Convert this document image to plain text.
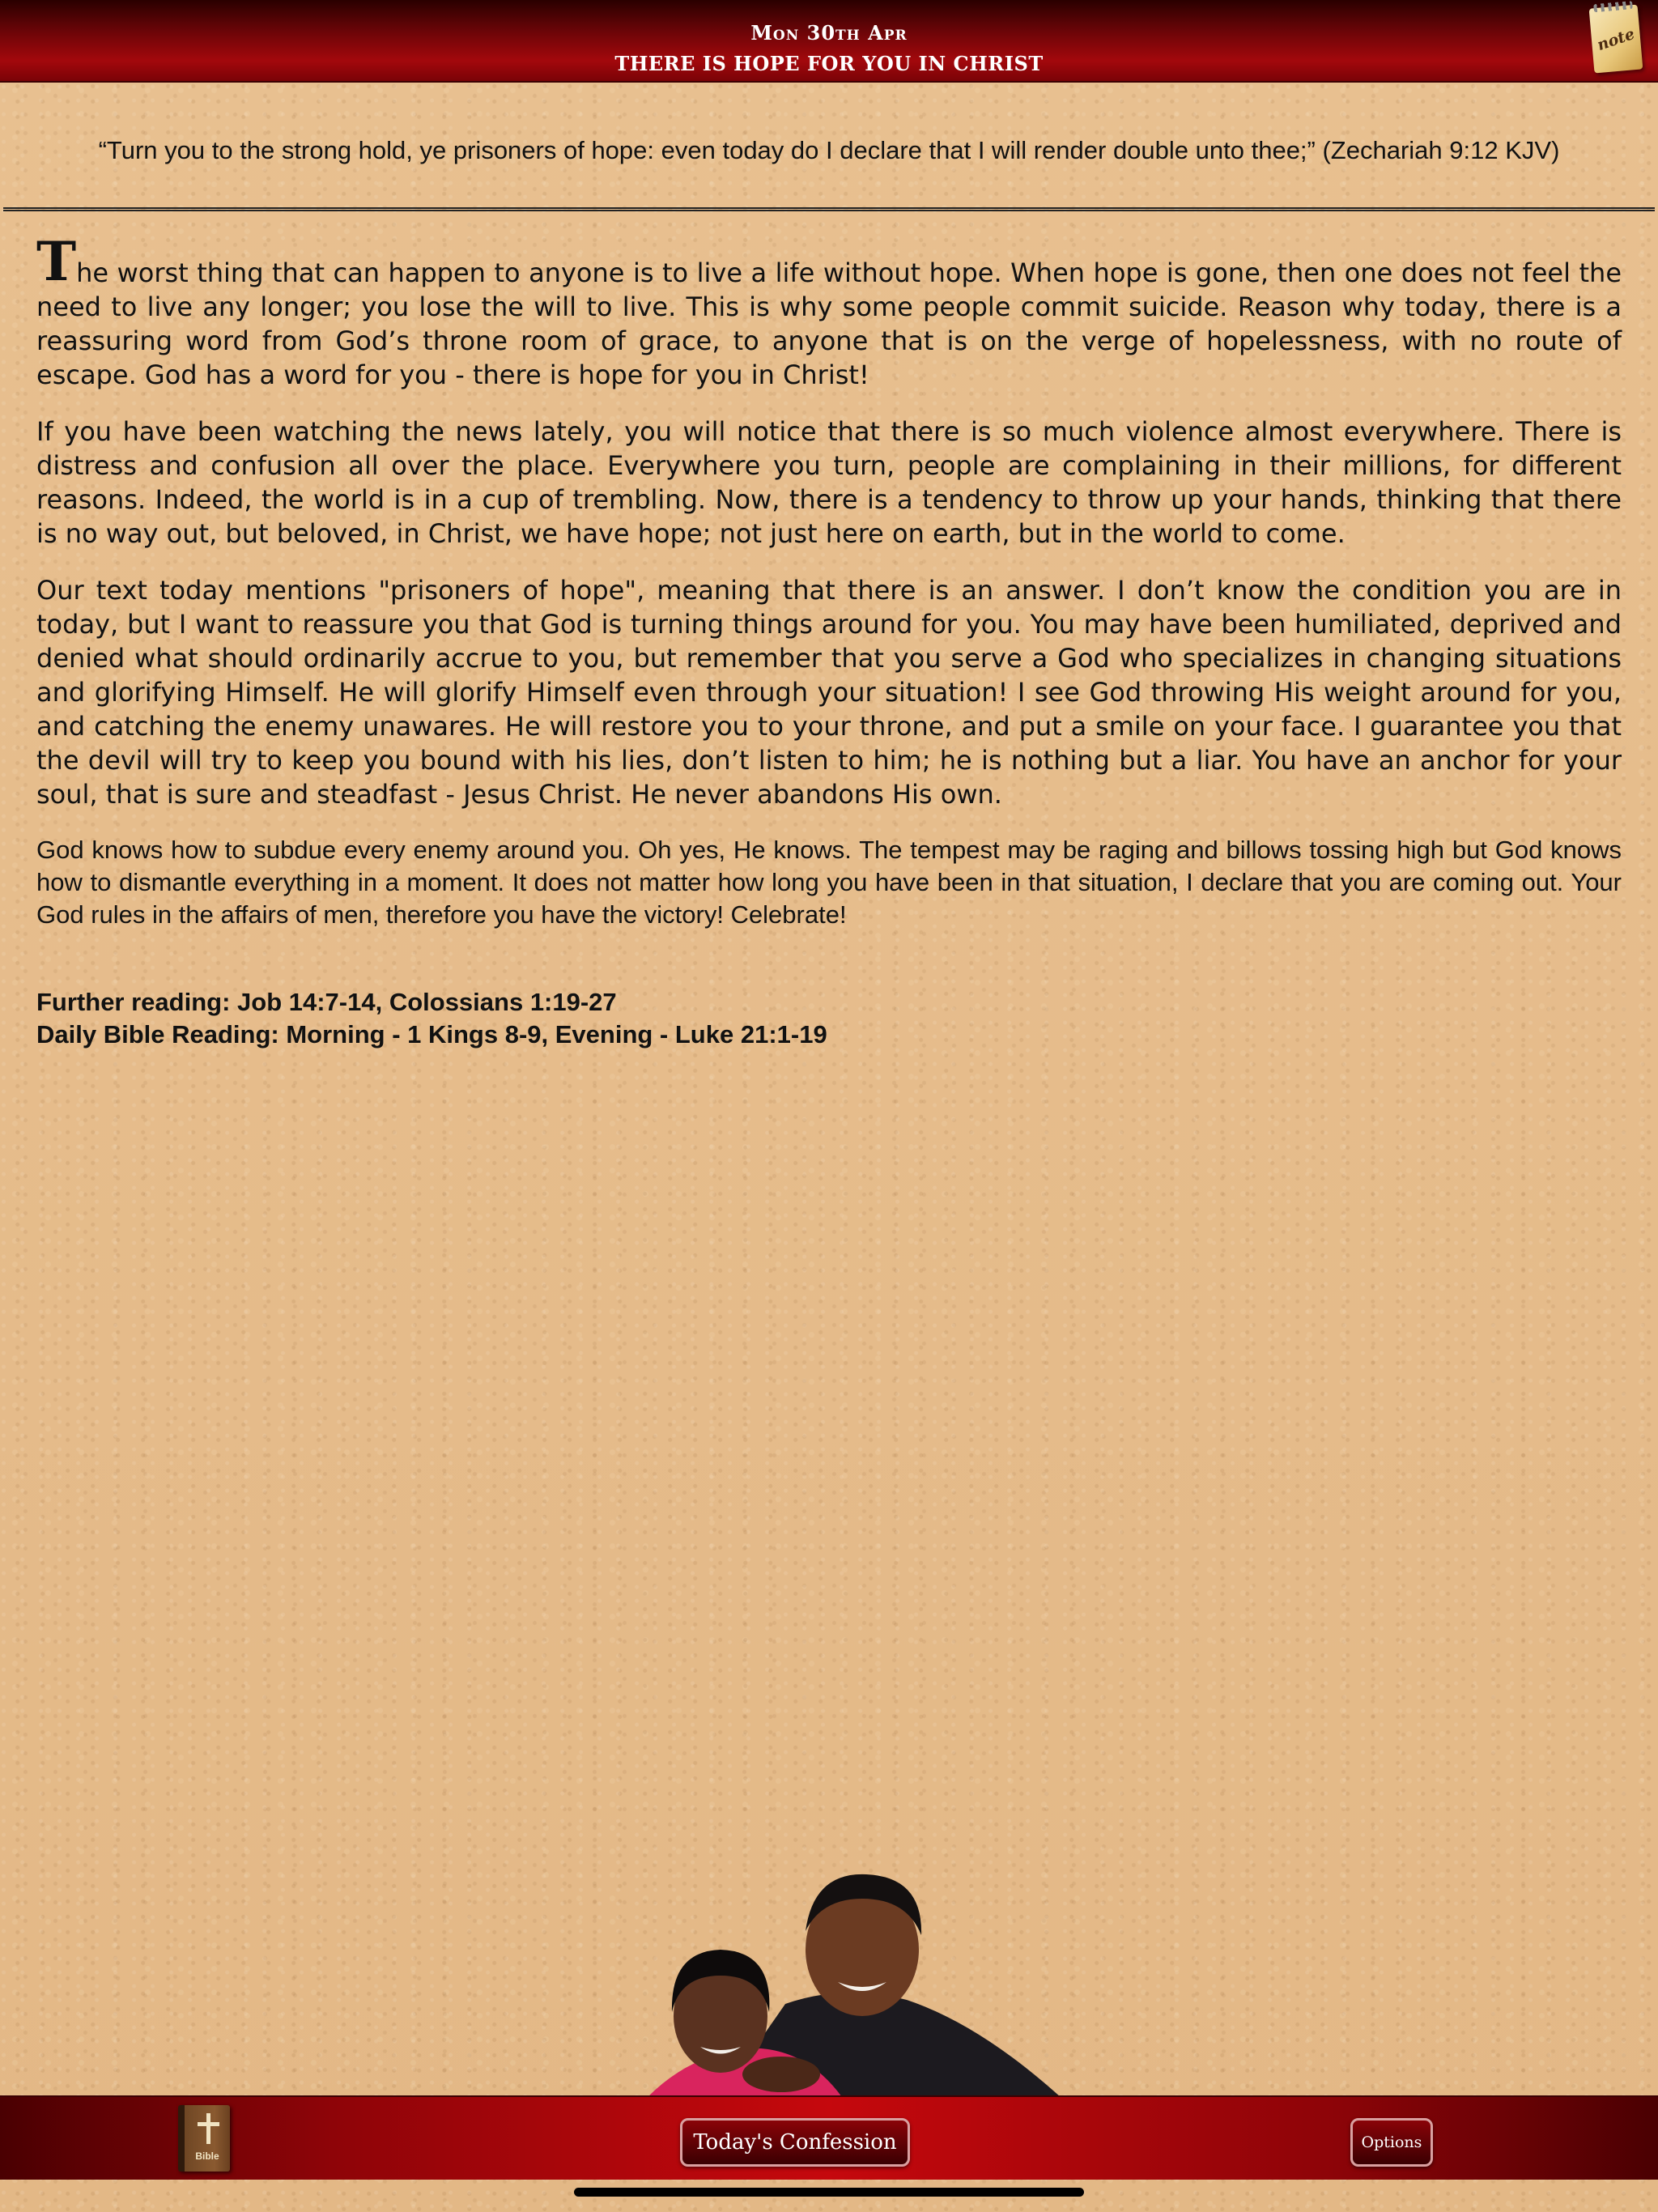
Mon 30th Apr
THERE IS HOPE FOR YOU IN CHRIST
note
“Turn you to the strong hold, ye prisoners of hope: even today do I declare that I will render double unto thee;” (Zechariah 9:12 KJV)

The worst thing that can happen to anyone is to live a life without hope. When hope is gone, then one does not feel the need to live any longer; you lose the will to live. This is why some people commit suicide. Reason why today, there is a reassuring word from God’s throne room of grace, to anyone that is on the verge of hopelessness, with no route of escape. God has a word for you - there is hope for you in Christ!

If you have been watching the news lately, you will notice that there is so much violence almost everywhere. There is distress and confusion all over the place. Everywhere you turn, people are complaining in their millions, for different reasons. Indeed, the world is in a cup of trembling. Now, there is a tendency to throw up your hands, thinking that there is no way out, but beloved, in Christ, we have hope; not just here on earth, but in the world to come.

Our text today mentions "prisoners of hope", meaning that there is an answer. I don’t know the condition you are in today, but I want to reassure you that God is turning things around for you. You may have been humiliated, deprived and denied what should ordinarily accrue to you, but remember that you serve a God who specializes in changing situations and glorifying Himself. He will glorify Himself even through your situation! I see God throwing His weight around for you, and catching the enemy unawares. He will restore you to your throne, and put a smile on your face. I guarantee you that the devil will try to keep you bound with his lies, don’t listen to him; he is nothing but a liar. You have an anchor for your soul, that is sure and steadfast - Jesus Christ. He never abandons His own.

God knows how to subdue every enemy around you. Oh yes, He knows. The tempest may be raging and billows tossing high but God knows how to dismantle everything in a moment. It does not matter how long you have been in that situation, I declare that you are coming out. Your God rules in the affairs of men, therefore you have the victory! Celebrate!

Further reading: Job 14:7-14, Colossians 1:19-27
Daily Bible Reading: Morning - 1 Kings 8-9, Evening - Luke 21:1-19
Bible
Today's Confession	Options
